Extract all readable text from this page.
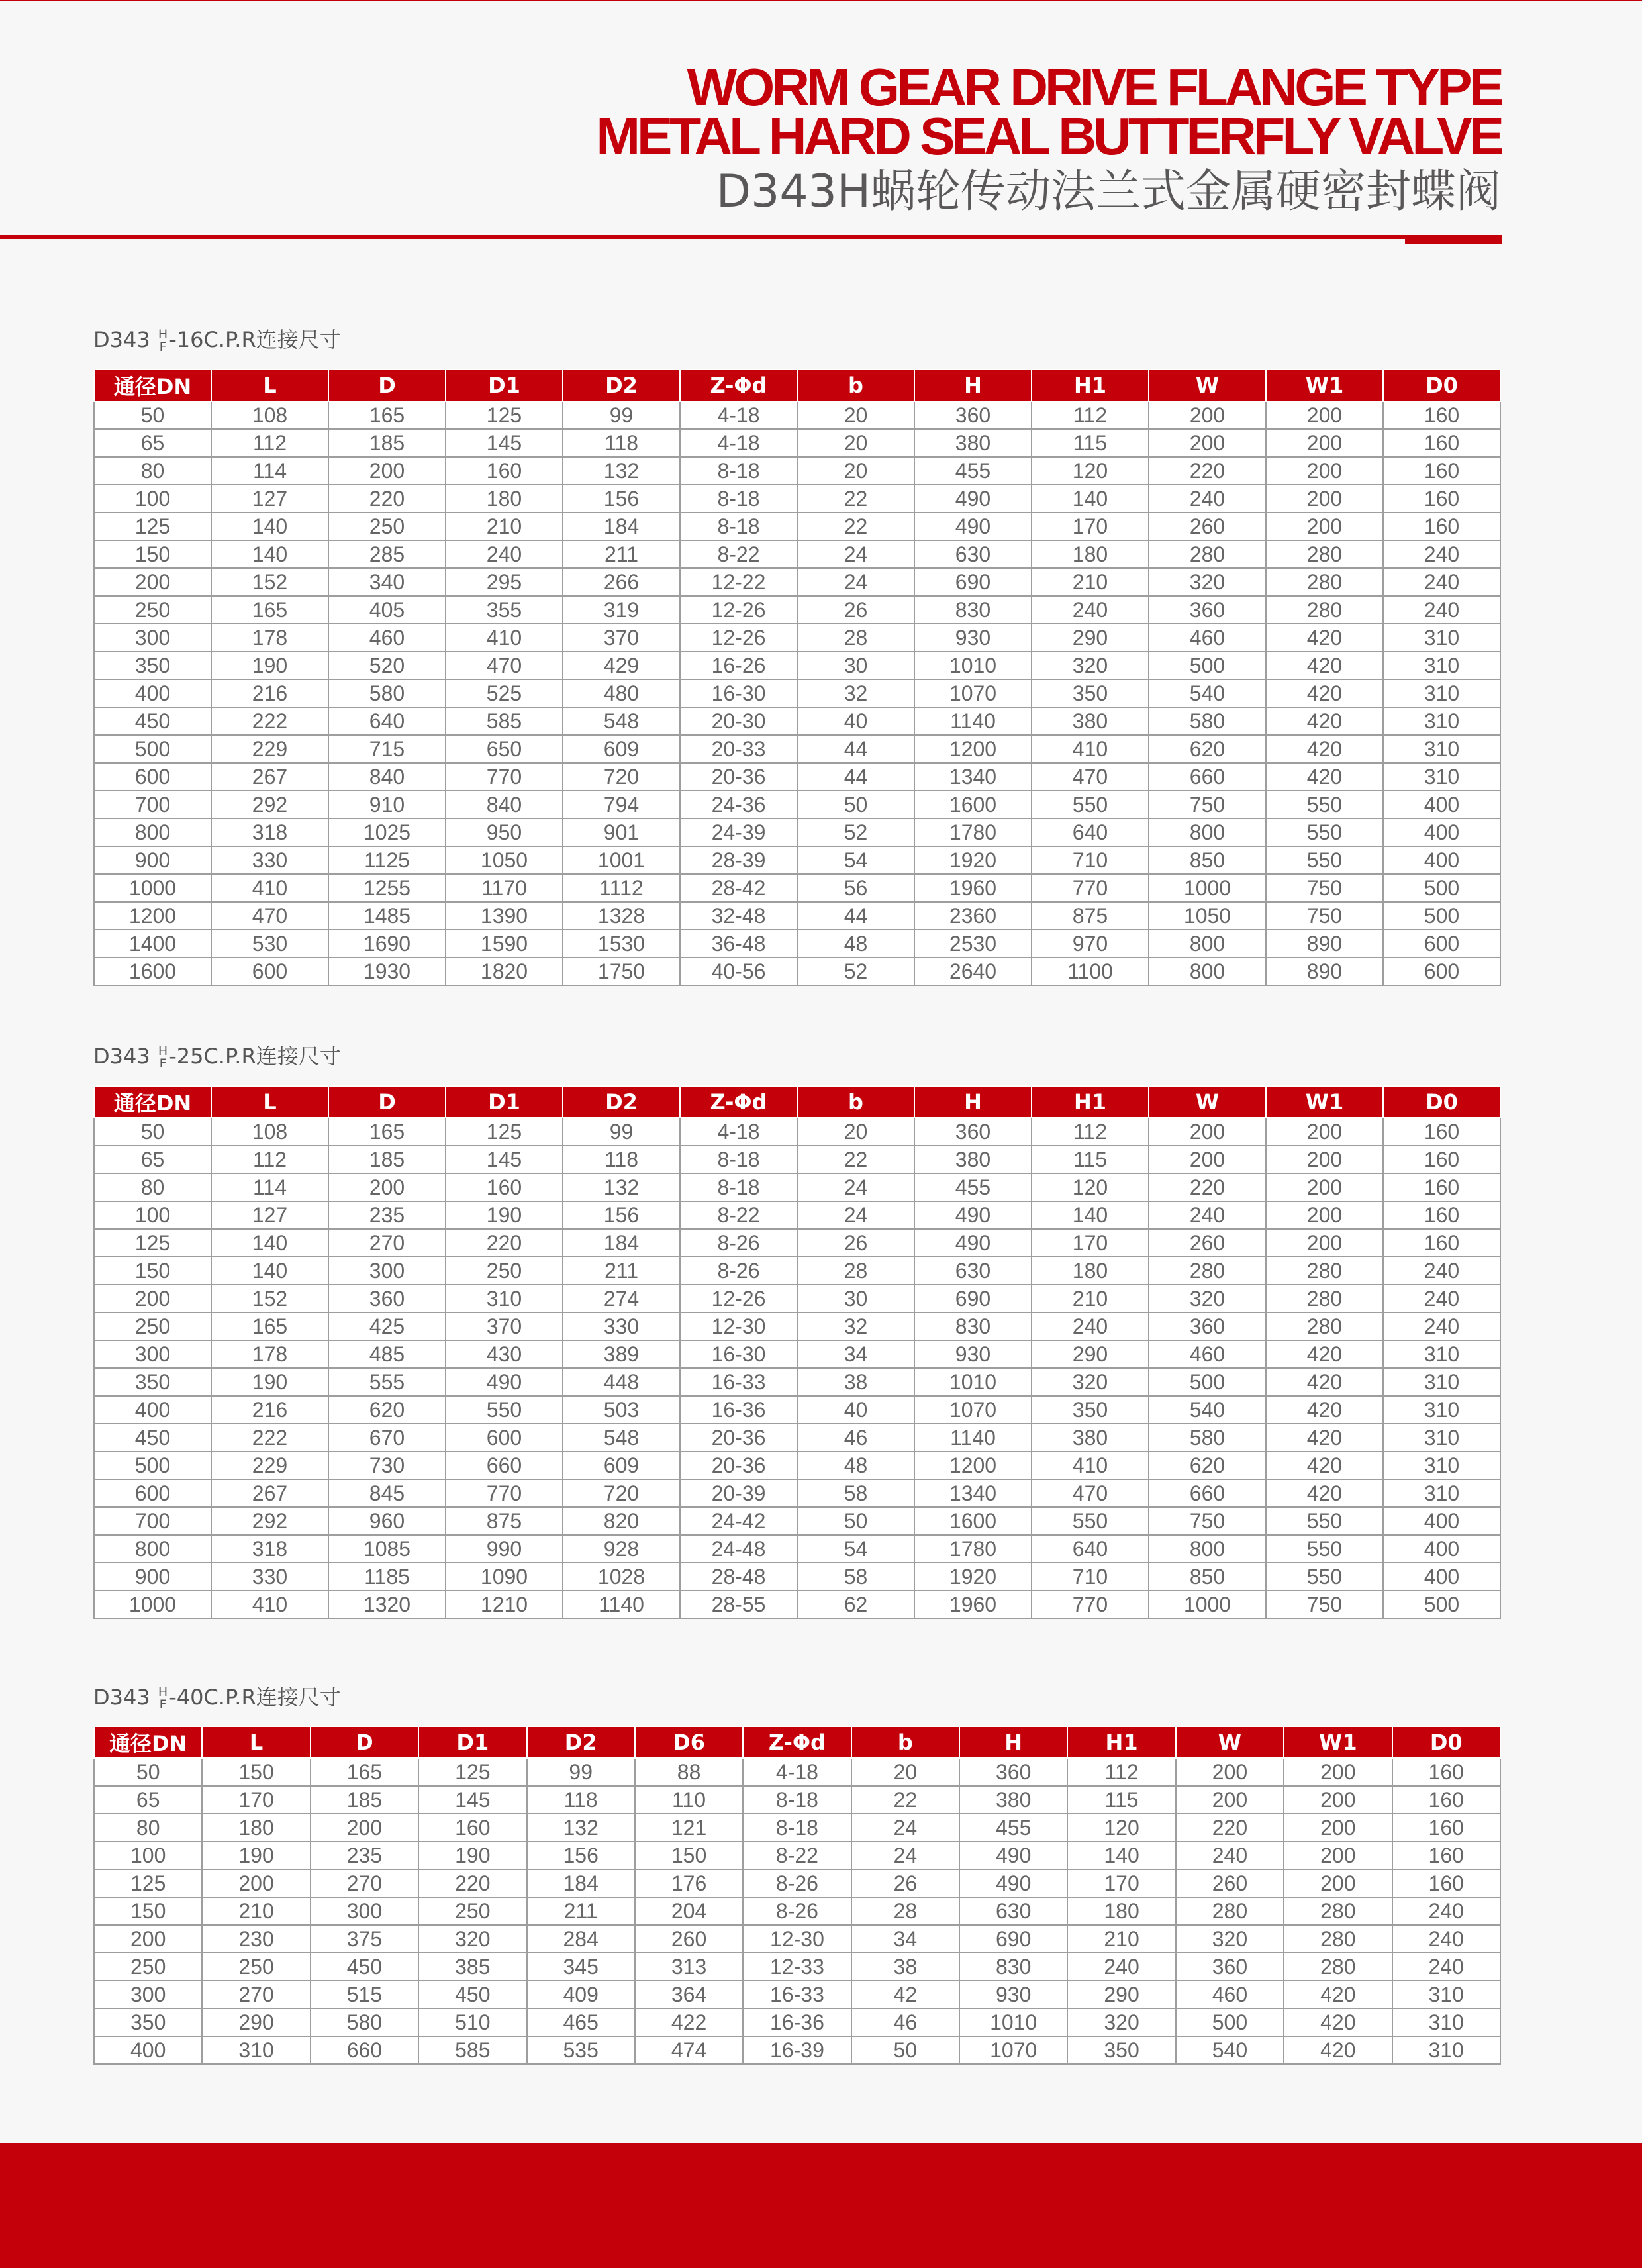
WORM GEAR DRIVE FLANGE TYPE
METAL HARD SEAL BUTTERFLY VALVE
D343H蜗轮传动法兰式金属硬密封蝶阀
D343 H
F -16C.P.R连接尺寸
通径DN	L	D	D1	D2	Z-Φd	b	H	H1	W	W1	D0
50	108	165	125	99	4-18	20	360	112	200	200	160
65	112	185	145	118	4-18	20	380	115	200	200	160
80	114	200	160	132	8-18	20	455	120	220	200	160
100	127	220	180	156	8-18	22	490	140	240	200	160
125	140	250	210	184	8-18	22	490	170	260	200	160
150	140	285	240	211	8-22	24	630	180	280	280	240
200	152	340	295	266	12-22	24	690	210	320	280	240
250	165	405	355	319	12-26	26	830	240	360	280	240
300	178	460	410	370	12-26	28	930	290	460	420	310
350	190	520	470	429	16-26	30	1010	320	500	420	310
400	216	580	525	480	16-30	32	1070	350	540	420	310
450	222	640	585	548	20-30	40	1140	380	580	420	310
500	229	715	650	609	20-33	44	1200	410	620	420	310
600	267	840	770	720	20-36	44	1340	470	660	420	310
700	292	910	840	794	24-36	50	1600	550	750	550	400
800	318	1025	950	901	24-39	52	1780	640	800	550	400
900	330	1125	1050	1001	28-39	54	1920	710	850	550	400
1000	410	1255	1170	1112	28-42	56	1960	770	1000	750	500
1200	470	1485	1390	1328	32-48	44	2360	875	1050	750	500
1400	530	1690	1590	1530	36-48	48	2530	970	800	890	600
1600	600	1930	1820	1750	40-56	52	2640	1100	800	890	600
D343 H
F -25C.P.R连接尺寸
通径DN	L	D	D1	D2	Z-Φd	b	H	H1	W	W1	D0
50	108	165	125	99	4-18	20	360	112	200	200	160
65	112	185	145	118	8-18	22	380	115	200	200	160
80	114	200	160	132	8-18	24	455	120	220	200	160
100	127	235	190	156	8-22	24	490	140	240	200	160
125	140	270	220	184	8-26	26	490	170	260	200	160
150	140	300	250	211	8-26	28	630	180	280	280	240
200	152	360	310	274	12-26	30	690	210	320	280	240
250	165	425	370	330	12-30	32	830	240	360	280	240
300	178	485	430	389	16-30	34	930	290	460	420	310
350	190	555	490	448	16-33	38	1010	320	500	420	310
400	216	620	550	503	16-36	40	1070	350	540	420	310
450	222	670	600	548	20-36	46	1140	380	580	420	310
500	229	730	660	609	20-36	48	1200	410	620	420	310
600	267	845	770	720	20-39	58	1340	470	660	420	310
700	292	960	875	820	24-42	50	1600	550	750	550	400
800	318	1085	990	928	24-48	54	1780	640	800	550	400
900	330	1185	1090	1028	28-48	58	1920	710	850	550	400
1000	410	1320	1210	1140	28-55	62	1960	770	1000	750	500
D343 H
F -40C.P.R连接尺寸
通径DN	L	D	D1	D2	D6	Z-Φd	b	H	H1	W	W1	D0
50	150	165	125	99	88	4-18	20	360	112	200	200	160
65	170	185	145	118	110	8-18	22	380	115	200	200	160
80	180	200	160	132	121	8-18	24	455	120	220	200	160
100	190	235	190	156	150	8-22	24	490	140	240	200	160
125	200	270	220	184	176	8-26	26	490	170	260	200	160
150	210	300	250	211	204	8-26	28	630	180	280	280	240
200	230	375	320	284	260	12-30	34	690	210	320	280	240
250	250	450	385	345	313	12-33	38	830	240	360	280	240
300	270	515	450	409	364	16-33	42	930	290	460	420	310
350	290	580	510	465	422	16-36	46	1010	320	500	420	310
400	310	660	585	535	474	16-39	50	1070	350	540	420	310
